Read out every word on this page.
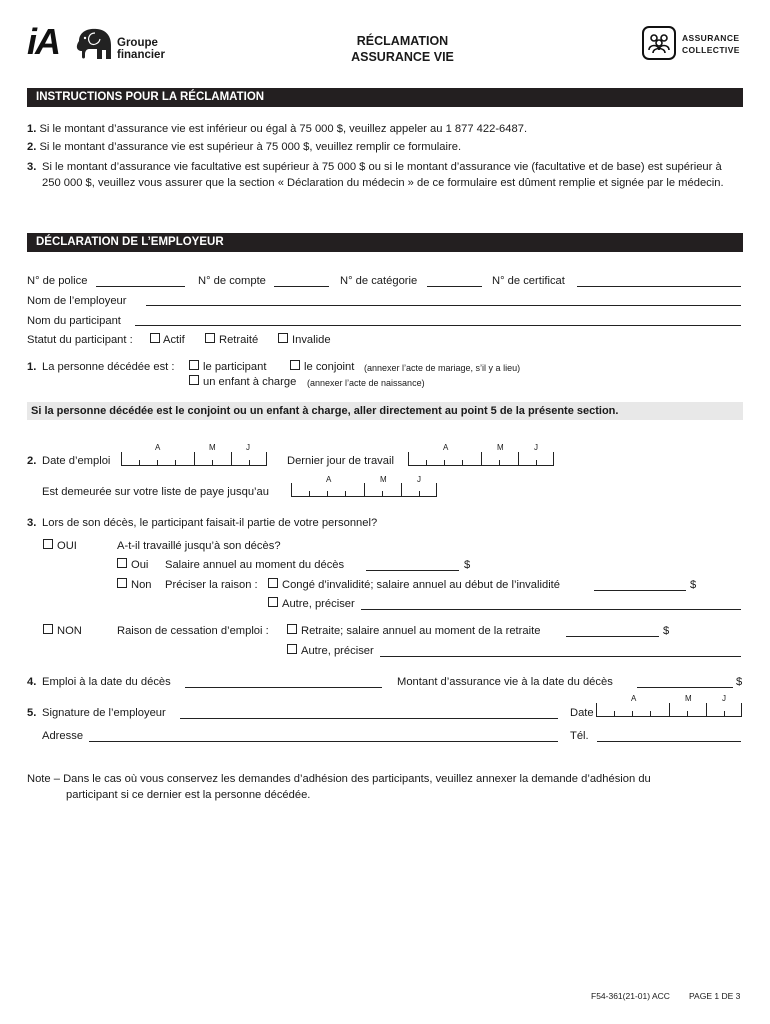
iA	Groupe
financier
RÉCLAMATION
ASSURANCE VIE
ASSURANCE
COLLECTIVE
INSTRUCTIONS POUR LA RÉCLAMATION
1. Si le montant d’assurance vie est inférieur ou égal à 75 000 $, veuillez appeler au 1 877 422-6487.
2. Si le montant d’assurance vie est supérieur à 75 000 $, veuillez remplir ce formulaire.
3. Si le montant d’assurance vie facultative est supérieur à 75 000 $ ou si le montant d’assurance vie (facultative et de base) est supérieur à 250 000 $, veuillez vous assurer que la section « Déclaration du médecin » de ce formulaire est dûment remplie et signée par le médecin.
DÉCLARATION DE L’EMPLOYEUR
N° de police	N° de compte	N° de catégorie	N° de certificat
Nom de l’employeur
Nom du participant
Statut du participant :	Actif	Retraité	Invalide
1. La personne décédée est :	le participant	le conjoint (annexer l’acte de mariage, s’il y a lieu)
un enfant à charge (annexer l’acte de naissance)
Si la personne décédée est le conjoint ou un enfant à charge, aller directement au point 5 de la présente section.
A	M	J	A	M	J
2. Date d’emploi	Dernier jour de travail
A	M	J
Est demeurée sur votre liste de paye jusqu’au
3. Lors de son décès, le participant faisait-il partie de votre personnel?
OUI	A-t-il travaillé jusqu’à son décès?
Oui Salaire annuel au moment du décès	$
Non Préciser la raison : Congé d’invalidité; salaire annuel au début de l’invalidité	$
Autre, préciser
NON	Raison de cessation d’emploi :	Retraite; salaire annuel au moment de la retraite	$
Autre, préciser
4. Emploi à la date du décès	Montant d’assurance vie à la date du décès	$
A	M	J
5. Signature de l’employeur	Date
Adresse	Tél.
Note – Dans le cas où vous conservez les demandes d’adhésion des participants, veuillez annexer la demande d’adhésion du
participant si ce dernier est la personne décédée.
F54-361(21-01) ACC PAGE 1 DE 3
